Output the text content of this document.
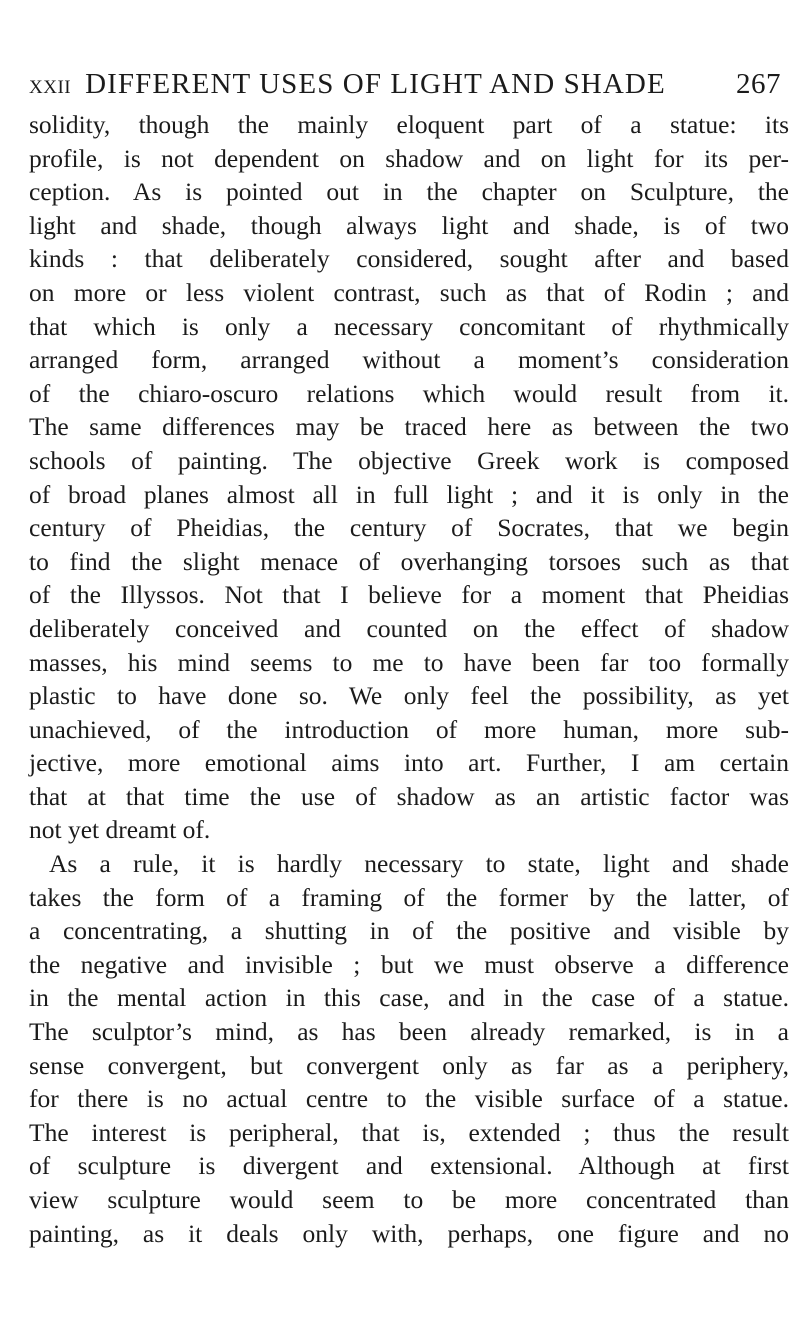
xxii DIFFERENT USES OF LIGHT AND SHADE	267
solidity, though the mainly eloquent part of a statue: its
profile, is not dependent on shadow and on light for its per-
ception. As is pointed out in the chapter on Sculpture, the
light and shade, though always light and shade, is of two
kinds : that deliberately considered, sought after and based
on more or less violent contrast, such as that of Rodin ; and
that which is only a necessary concomitant of rhythmically
arranged form, arranged without a moment’s consideration
of the chiaro-oscuro relations which would result from it.
The same differences may be traced here as between the two
schools of painting. The objective Greek work is composed
of broad planes almost all in full light ; and it is only in the
century of Pheidias, the century of Socrates, that we begin
to find the slight menace of overhanging torsoes such as that
of the Illyssos. Not that I believe for a moment that Pheidias
deliberately conceived and counted on the effect of shadow
masses, his mind seems to me to have been far too formally
plastic to have done so. We only feel the possibility, as yet
unachieved, of the introduction of more human, more sub-
jective, more emotional aims into art. Further, I am certain
that at that time the use of shadow as an artistic factor was
not yet dreamt of.
As a rule, it is hardly necessary to state, light and shade
takes the form of a framing of the former by the latter, of
a concentrating, a shutting in of the positive and visible by
the negative and invisible ; but we must observe a difference
in the mental action in this case, and in the case of a statue.
The sculptor’s mind, as has been already remarked, is in a
sense convergent, but convergent only as far as a periphery,
for there is no actual centre to the visible surface of a statue.
The interest is peripheral, that is, extended ; thus the result
of sculpture is divergent and extensional. Although at first
view sculpture would seem to be more concentrated than
painting, as it deals only with, perhaps, one figure and no
